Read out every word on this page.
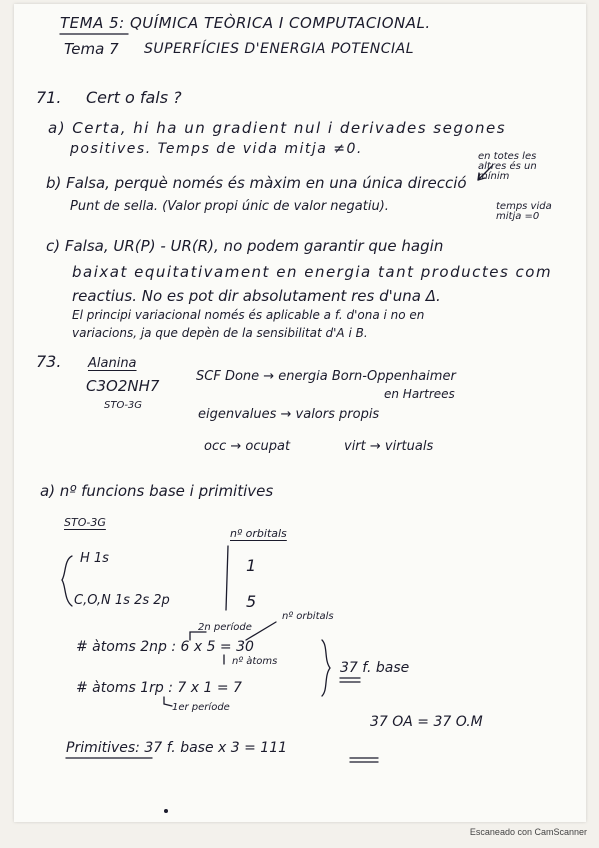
TEMA 5: QUÍMICA TEÒRICA I COMPUTACIONAL.
Tema 7 SUPERFÍCIES D'ENERGIA POTENCIAL
71. Cert o fals ?
a) Certa, hi ha un gradient nul i derivades segones
positives. Temps de vida mitja ≠0.	en totes les altres és un mínim
b) Falsa, perquè només és màxim en una única direcció
Punt de sella. (Valor propi únic de valor negatiu).	temps vida mitja =0
c) Falsa, UR(P) - UR(R), no podem garantir que hagin
baixat equitativament en energia tant productes com
reactius. No es pot dir absolutament res d'una Δ.
El principi variacional només és aplicable a f. d'ona i no en
variacions, ja que depèn de la sensibilitat d'A i B.
73. Alanina
C3O2NH7
STO-3G
SCF Done → energia Born-Oppenhaimer
en Hartrees
eigenvalues → valors propis
occ → ocupat	virt → virtuals
a) nº funcions base i primitives
STO-3G
nº orbitals
H 1s	1
C,O,N 1s 2s 2p	5
2n període
nº orbitals
# àtoms 2np : 6 x 5 = 30
nº àtoms	37 f. base
# àtoms 1rp : 7 x 1 = 7
1er període
37 OA = 37 O.M
Primitives: 37 f. base x 3 = 111
Escaneado con CamScanner
